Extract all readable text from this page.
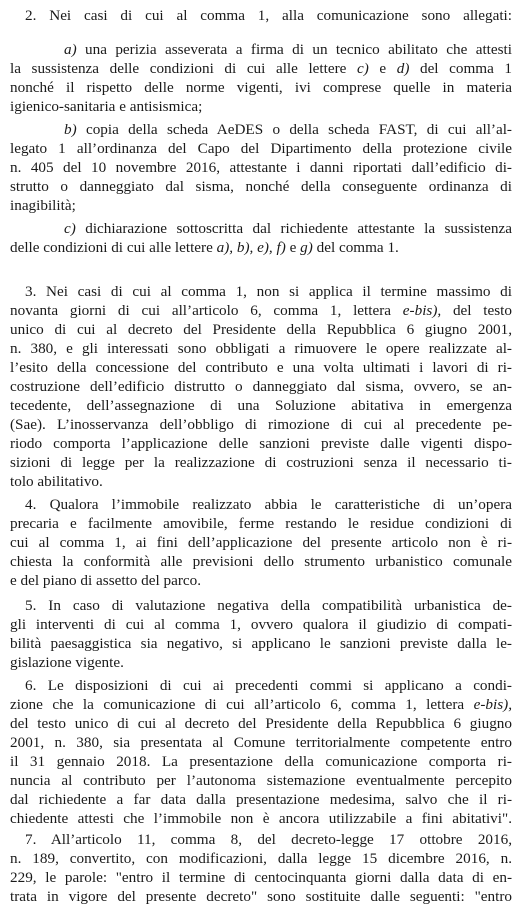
2. Nei casi di cui al comma 1, alla comunicazione sono allegati:
a) una perizia asseverata a firma di un tecnico abilitato che attesti
la sussistenza delle condizioni di cui alle lettere c) e d) del comma 1
nonché il rispetto delle norme vigenti, ivi comprese quelle in materia
igienico-sanitaria e antisismica;
b) copia della scheda AeDES o della scheda FAST, di cui all’al-
legato 1 all’ordinanza del Capo del Dipartimento della protezione civile
n. 405 del 10 novembre 2016, attestante i danni riportati dall’edificio di-
strutto o danneggiato dal sisma, nonché della conseguente ordinanza di
inagibilità;
c) dichiarazione sottoscritta dal richiedente attestante la sussistenza
delle condizioni di cui alle lettere a), b), e), f) e g) del comma 1.
3. Nei casi di cui al comma 1, non si applica il termine massimo di
novanta giorni di cui all’articolo 6, comma 1, lettera e-bis), del testo
unico di cui al decreto del Presidente della Repubblica 6 giugno 2001,
n. 380, e gli interessati sono obbligati a rimuovere le opere realizzate al-
l’esito della concessione del contributo e una volta ultimati i lavori di ri-
costruzione dell’edificio distrutto o danneggiato dal sisma, ovvero, se an-
tecedente, dell’assegnazione di una Soluzione abitativa in emergenza
(Sae). L’inosservanza dell’obbligo di rimozione di cui al precedente pe-
riodo comporta l’applicazione delle sanzioni previste dalle vigenti dispo-
sizioni di legge per la realizzazione di costruzioni senza il necessario ti-
tolo abilitativo.
4. Qualora l’immobile realizzato abbia le caratteristiche di un’opera
precaria e facilmente amovibile, ferme restando le residue condizioni di
cui al comma 1, ai fini dell’applicazione del presente articolo non è ri-
chiesta la conformità alle previsioni dello strumento urbanistico comunale
e del piano di assetto del parco.
5. In caso di valutazione negativa della compatibilità urbanistica de-
gli interventi di cui al comma 1, ovvero qualora il giudizio di compati-
bilità paesaggistica sia negativo, si applicano le sanzioni previste dalla le-
gislazione vigente.
6. Le disposizioni di cui ai precedenti commi si applicano a condi-
zione che la comunicazione di cui all’articolo 6, comma 1, lettera e-bis),
del testo unico di cui al decreto del Presidente della Repubblica 6 giugno
2001, n. 380, sia presentata al Comune territorialmente competente entro
il 31 gennaio 2018. La presentazione della comunicazione comporta ri-
nuncia al contributo per l’autonoma sistemazione eventualmente percepito
dal richiedente a far data dalla presentazione medesima, salvo che il ri-
chiedente attesti che l’immobile non è ancora utilizzabile a fini abitativi".
7. All’articolo 11, comma 8, del decreto-legge 17 ottobre 2016,
n. 189, convertito, con modificazioni, dalla legge 15 dicembre 2016, n.
229, le parole: "entro il termine di centocinquanta giorni dalla data di en-
trata in vigore del presente decreto" sono sostituite dalle seguenti: "entro
